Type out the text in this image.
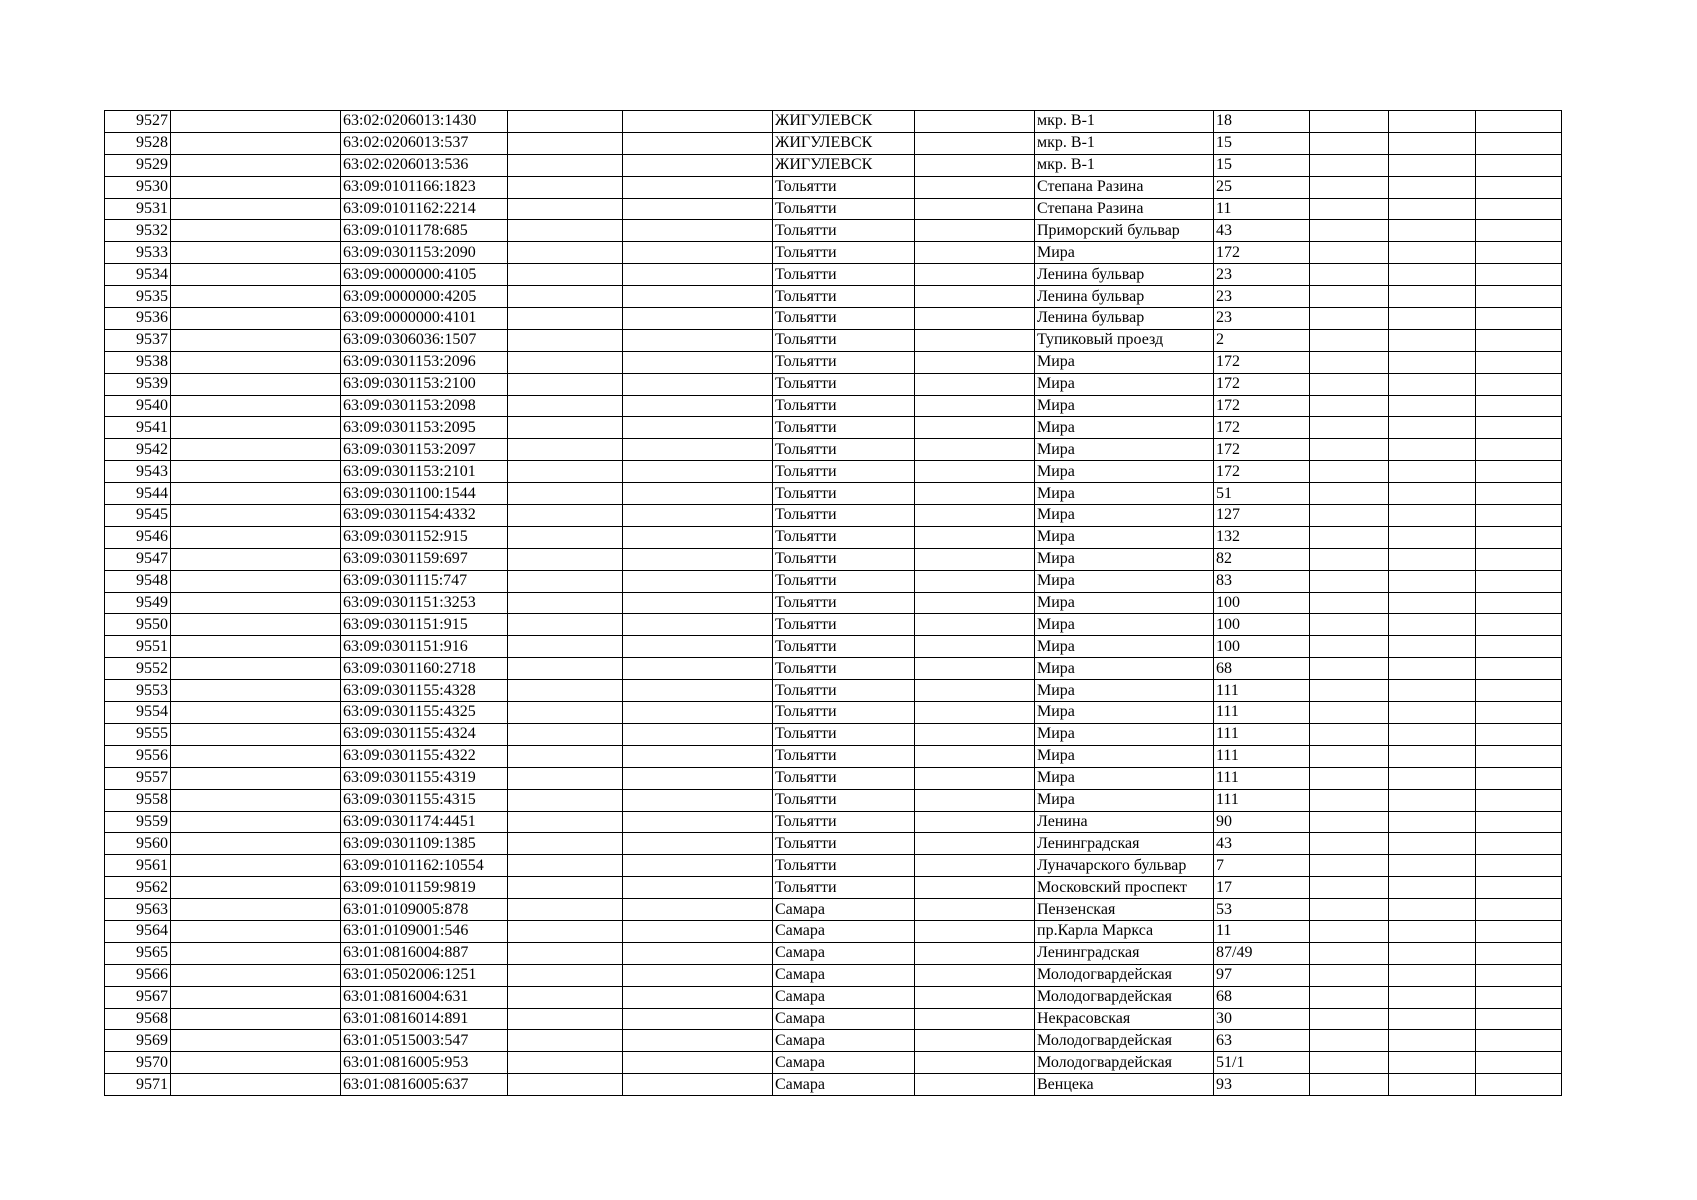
9527		63:02:0206013:1430			ЖИГУЛЕВСК		мкр. В-1	18			
9528		63:02:0206013:537			ЖИГУЛЕВСК		мкр. В-1	15			
9529		63:02:0206013:536			ЖИГУЛЕВСК		мкр. В-1	15			
9530		63:09:0101166:1823			Тольятти		Степана Разина	25			
9531		63:09:0101162:2214			Тольятти		Степана Разина	11			
9532		63:09:0101178:685			Тольятти		Приморский бульвар	43			
9533		63:09:0301153:2090			Тольятти		Мира	172			
9534		63:09:0000000:4105			Тольятти		Ленина бульвар	23			
9535		63:09:0000000:4205			Тольятти		Ленина бульвар	23			
9536		63:09:0000000:4101			Тольятти		Ленина бульвар	23			
9537		63:09:0306036:1507			Тольятти		Тупиковый проезд	2			
9538		63:09:0301153:2096			Тольятти		Мира	172			
9539		63:09:0301153:2100			Тольятти		Мира	172			
9540		63:09:0301153:2098			Тольятти		Мира	172			
9541		63:09:0301153:2095			Тольятти		Мира	172			
9542		63:09:0301153:2097			Тольятти		Мира	172			
9543		63:09:0301153:2101			Тольятти		Мира	172			
9544		63:09:0301100:1544			Тольятти		Мира	51			
9545		63:09:0301154:4332			Тольятти		Мира	127			
9546		63:09:0301152:915			Тольятти		Мира	132			
9547		63:09:0301159:697			Тольятти		Мира	82			
9548		63:09:0301115:747			Тольятти		Мира	83			
9549		63:09:0301151:3253			Тольятти		Мира	100			
9550		63:09:0301151:915			Тольятти		Мира	100			
9551		63:09:0301151:916			Тольятти		Мира	100			
9552		63:09:0301160:2718			Тольятти		Мира	68			
9553		63:09:0301155:4328			Тольятти		Мира	111			
9554		63:09:0301155:4325			Тольятти		Мира	111			
9555		63:09:0301155:4324			Тольятти		Мира	111			
9556		63:09:0301155:4322			Тольятти		Мира	111			
9557		63:09:0301155:4319			Тольятти		Мира	111			
9558		63:09:0301155:4315			Тольятти		Мира	111			
9559		63:09:0301174:4451			Тольятти		Ленина	90			
9560		63:09:0301109:1385			Тольятти		Ленинградская	43			
9561		63:09:0101162:10554			Тольятти		Луначарского бульвар	7			
9562		63:09:0101159:9819			Тольятти		Московский проспект	17			
9563		63:01:0109005:878			Самара		Пензенская	53			
9564		63:01:0109001:546			Самара		пр.Карла Маркса	11			
9565		63:01:0816004:887			Самара		Ленинградская	87/49			
9566		63:01:0502006:1251			Самара		Молодогвардейская	97			
9567		63:01:0816004:631			Самара		Молодогвардейская	68			
9568		63:01:0816014:891			Самара		Некрасовская	30			
9569		63:01:0515003:547			Самара		Молодогвардейская	63			
9570		63:01:0816005:953			Самара		Молодогвардейская	51/1			
9571		63:01:0816005:637			Самара		Венцека	93			
